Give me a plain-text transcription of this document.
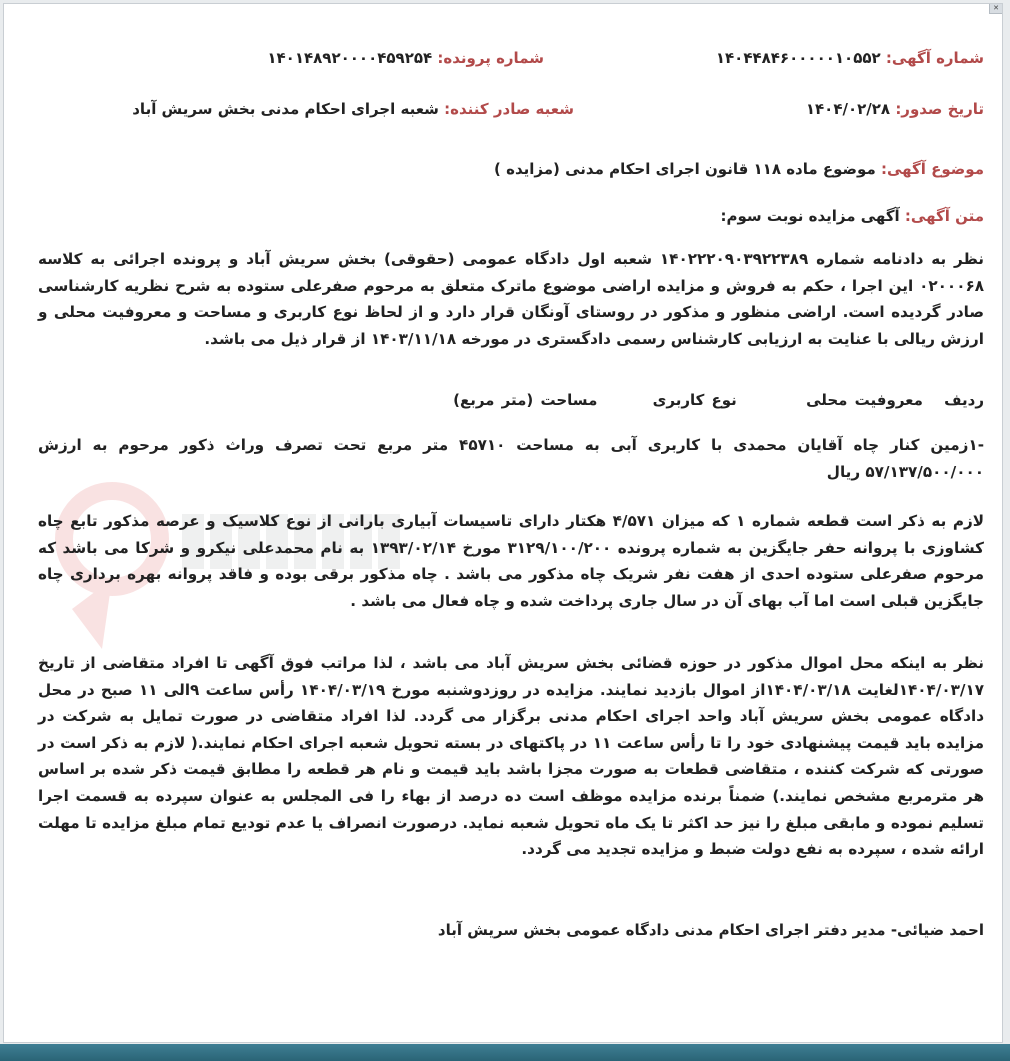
✕
شماره آگهی: ۱۴۰۴۴۸۴۶۰۰۰۰۰۱۰۵۵۲
شماره پرونده: ۱۴۰۱۴۸۹۲۰۰۰۰۴۵۹۲۵۴
تاریخ صدور: ۱۴۰۴/۰۲/۲۸
شعبه صادر کننده: شعبه اجرای احکام مدنی بخش سریش آباد
موضوع آگهی: موضوع ماده ۱۱۸ قانون اجرای احکام مدنی (مزایده )
متن آگهی: آگهی مزایده نوبت سوم:

نظر به دادنامه شماره ۱۴۰۲۲۲۰۹۰۳۹۲۲۳۸۹ شعبه اول دادگاه عمومی (حقوقی) بخش سریش آباد و پرونده اجرائی به کلاسه ۰۲۰۰۰۶۸ این اجرا ، حکم به فروش و مزایده اراضی موضوع ماترک متعلق به مرحوم صفرعلی ستوده به شرح نظریه کارشناسی صادر گردیده است. اراضی منظور و مذکور در روستای آونگان قرار دارد و از لحاظ نوع کاربری و مساحت و معروفیت محلی و ارزش ریالی با عنایت به ارزیابی کارشناس رسمی دادگستری در مورخه ۱۴۰۳/۱۱/۱۸ از قرار ذیل می باشد.

ردیف معروفیت محلی نوع کاربری مساحت (متر مربع)

-۱زمین کنار چاه آقایان محمدی با کاربری آبی به مساحت ۴۵۷۱۰ متر مربع تحت تصرف وراث ذکور مرحوم به ارزش ۵۷/۱۳۷/۵۰۰/۰۰۰ ریال

لازم به ذکر است قطعه شماره ۱ که میزان ۴/۵۷۱ هکتار دارای تاسیسات آبیاری بارانی از نوع کلاسیک و عرصه مذکور تابع چاه کشاوزی با پروانه حفر جایگزین به شماره پرونده ۳۱۲۹/۱۰۰/۲۰۰ مورخ ۱۳۹۳/۰۲/۱۴ به نام محمدعلی نیکرو و شرکا می باشد که مرحوم صفرعلی ستوده احدی از هفت نفر شریک چاه مذکور می باشد . چاه مذکور برقی بوده و فاقد پروانه بهره برداری چاه جایگزین قبلی است اما آب بهای آن در سال جاری پرداخت شده و چاه فعال می باشد .

نظر به اینکه محل اموال مذکور در حوزه قضائی بخش سریش آباد می باشد ، لذا مراتب فوق آگهی تا افراد متقاضی از تاریخ ۱۴۰۴/۰۳/۱۷لغایت ۱۴۰۴/۰۳/۱۸از اموال بازدید نمایند. مزایده در روزدوشنبه مورخ ۱۴۰۴/۰۳/۱۹ رأس ساعت ۹الی ۱۱ صبح در محل دادگاه عمومی بخش سریش آباد واحد اجرای احکام مدنی برگزار می گردد. لذا افراد متقاضی در صورت تمایل به شرکت در مزایده باید قیمت پیشنهادی خود را تا رأس ساعت ۱۱ در پاکتهای در بسته تحویل شعبه اجرای احکام نمایند.( لازم به ذکر است در صورتی که شرکت کننده ، متقاضی قطعات به صورت مجزا باشد باید قیمت و نام هر قطعه را مطابق قیمت ذکر شده بر اساس هر مترمربع مشخص نمایند.) ضمناً برنده مزایده موظف است ده درصد از بهاء را فی المجلس به عنوان سپرده به قسمت اجرا تسلیم نموده و مابقی مبلغ را نیز حد اکثر تا یک ماه تحویل شعبه نماید. درصورت انصراف یا عدم تودیع تمام مبلغ مزایده تا مهلت ارائه شده ، سپرده به نفع دولت ضبط و مزایده تجدید می گردد.

احمد ضیائی- مدیر دفتر اجرای احکام مدنی دادگاه عمومی بخش سریش آباد
